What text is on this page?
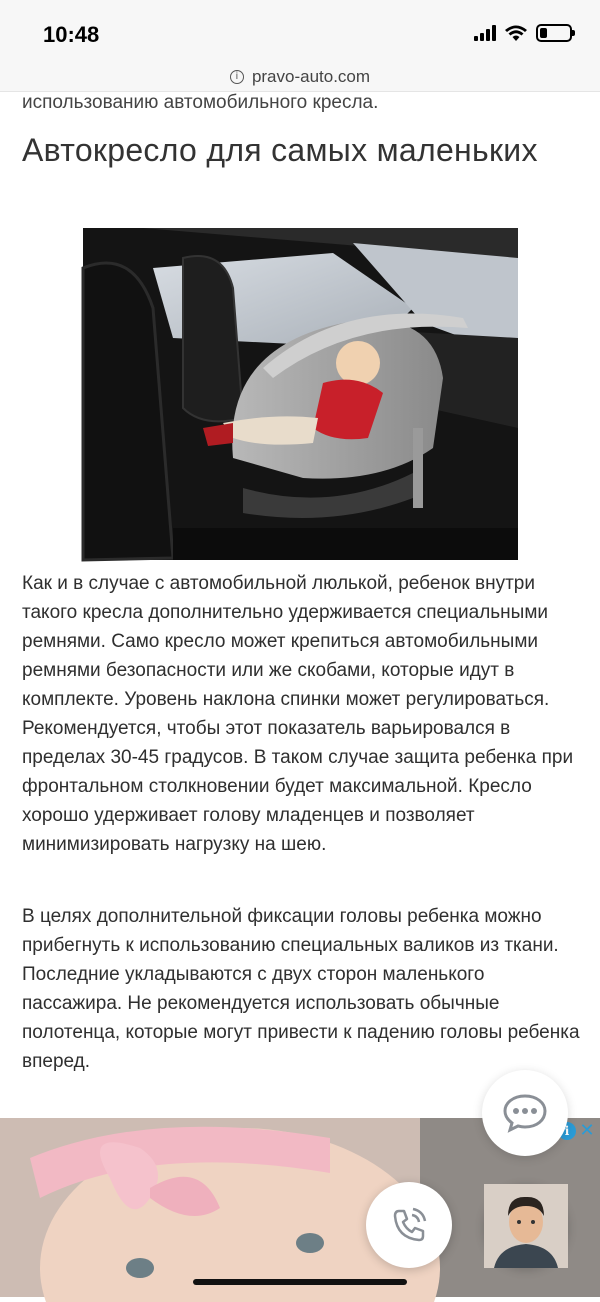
10:48
i pravo-auto.com
использованию автомобильного кресла.
Автокресло для самых маленьких

Как и в случае с автомобильной люлькой, ребенок внутри такого кресла дополнительно удерживается специальными ремнями. Само кресло может крепиться автомобильными ремнями безопасности или же скобами, которые идут в комплекте. Уровень наклона спинки может регулироваться. Рекомендуется, чтобы этот показатель варьировался в пределах 30-45 градусов. В таком случае защита ребенка при фронтальном столкновении будет максимальной. Кресло хорошо удерживает голову младенцев и позволяет минимизировать нагрузку на шею.

В целях дополнительной фиксации головы ребенка можно прибегнуть к использованию специальных валиков из ткани. Последние укладываются с двух сторон маленького пассажира. Не рекомендуется использовать обычные полотенца, которые могут привести к падению головы ребенка вперед.

i ✕
